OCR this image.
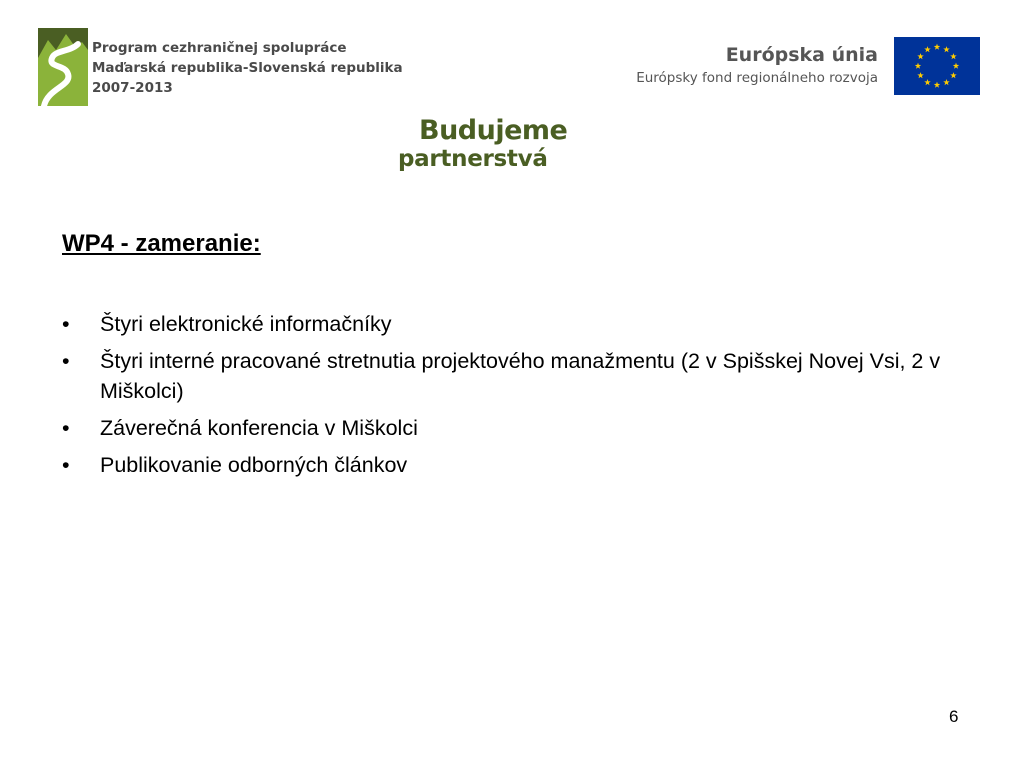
Program cezhraničnej spolupráce
Maďarská republika-Slovenská republika
2007-2013
Európska únia
Európsky fond regionálneho rozvoja
Budujeme
partnerstvá
WP4 - zameranie:
• Štyri elektronické informačníky
• Štyri interné pracované stretnutia projektového manažmentu (2 v Spišskej Novej Vsi, 2 v Miškolci)
• Záverečná konferencia v Miškolci
• Publikovanie odborných článkov
6
